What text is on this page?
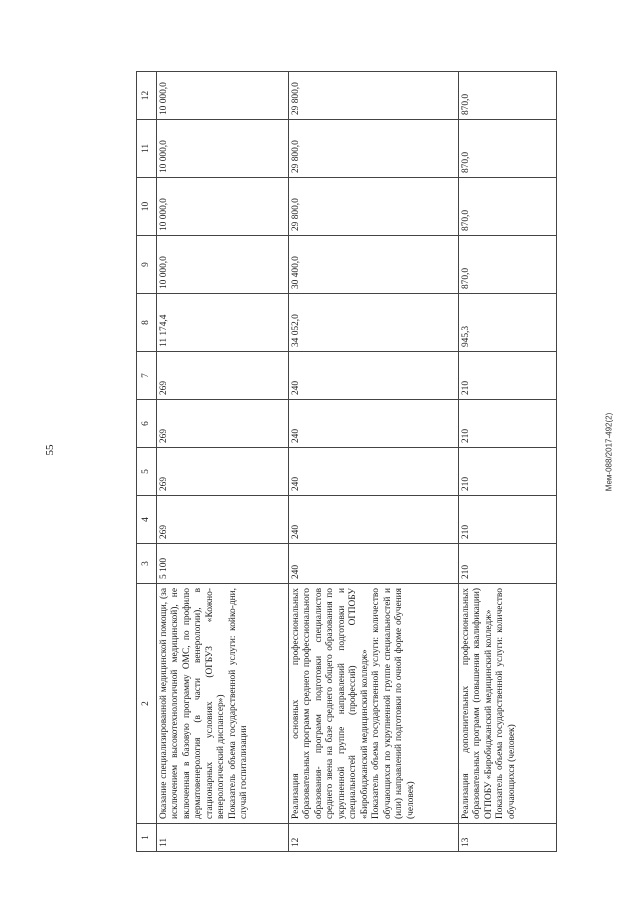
55	Мем-088/2017-492(2)
1	2	3	4	5	6	7	8	9	10	11	12
11	Оказание специализированной медицинской помощи, (за исключением высокотехнологичной медицинской), не включенная в базовую программу ОМС, по профилю дерматовенерология (в части венерологии), в стационарных условиях (ОГБУЗ «Кожно-венерологический диспансер»)
Показатель объема государственной услуги: койко-дни, случай госпитализации	5 100	269	269	269	269	11 174,4	10 000,0	10 000,0	10 000,0	10 000,0
12	Реализация основных профессиональных образовательных программ среднего профессионального образования- программ подготовки специалистов среднего звена на базе среднего общего образования по укрупненной группе направлений подготовки и специальностей (профессий) ОГПОБУ «Биробиджанский медицинский колледж»
Показатель объема государственной услуги: количество обучающихся по укрупненной группе специальностей и (или) направлений подготовки по очной форме обучения (человек)	240	240	240	240	240	34 052,0	30 400,0	29 800,0	29 800,0	29 800,0
13	Реализация дополнительных профессиональных образовательных программ (повышения квалификации) ОГПОБУ «Биробиджанский медицинский колледж»
Показатель объема государственной услуги: количество обучающихся (человек)	210	210	210	210	210	945,3	870,0	870,0	870,0	870,0
